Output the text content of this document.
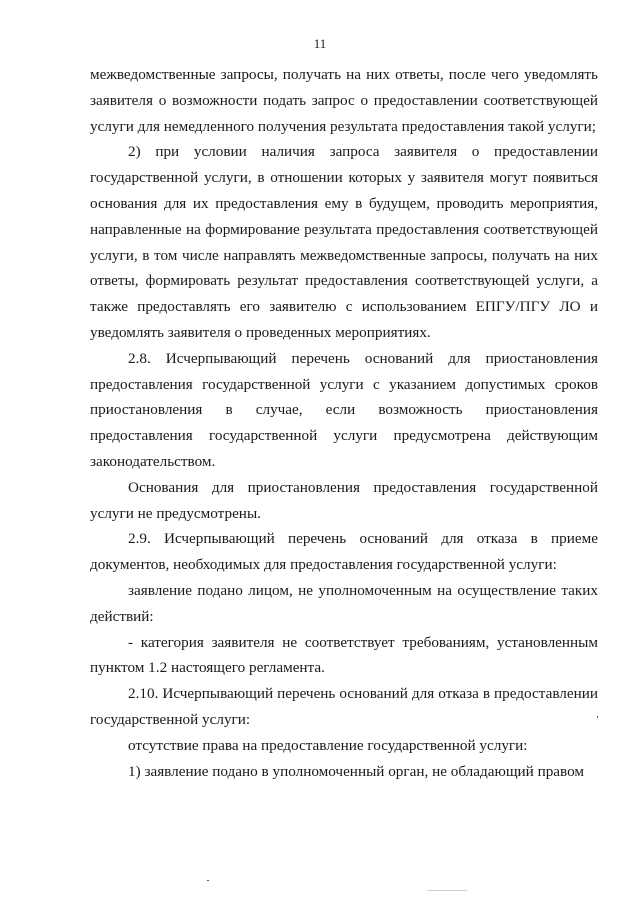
11

межведомственные запросы, получать на них ответы, после чего уведомлять заявителя о возможности подать запрос о предоставлении соответствующей услуги для немедленного получения результата предоставления такой услуги;

2) при условии наличия запроса заявителя о предоставлении государственной услуги, в отношении которых у заявителя могут появиться основания для их предоставления ему в будущем, проводить мероприятия, направленные на формирование результата предоставления соответствующей услуги, в том числе направлять межведомственные запросы, получать на них ответы, формировать результат предоставления соответствующей услуги, а также предоставлять его заявителю с использованием ЕПГУ/ПГУ ЛО и уведомлять заявителя о проведенных мероприятиях.

2.8. Исчерпывающий перечень оснований для приостановления предоставления государственной услуги с указанием допустимых сроков приостановления в случае, если возможность приостановления предоставления государственной услуги предусмотрена действующим законодательством.

Основания для приостановления предоставления государственной услуги не предусмотрены.

2.9. Исчерпывающий перечень оснований для отказа в приеме документов, необходимых для предоставления государственной услуги:

заявление подано лицом, не уполномоченным на осуществление таких действий:

- категория заявителя не соответствует требованиям, установленным пунктом 1.2 настоящего регламента.

2.10. Исчерпывающий перечень оснований для отказа в предоставлении государственной услуги:

отсутствие права на предоставление государственной услуги:

1) заявление подано в уполномоченный орган, не обладающий правом
